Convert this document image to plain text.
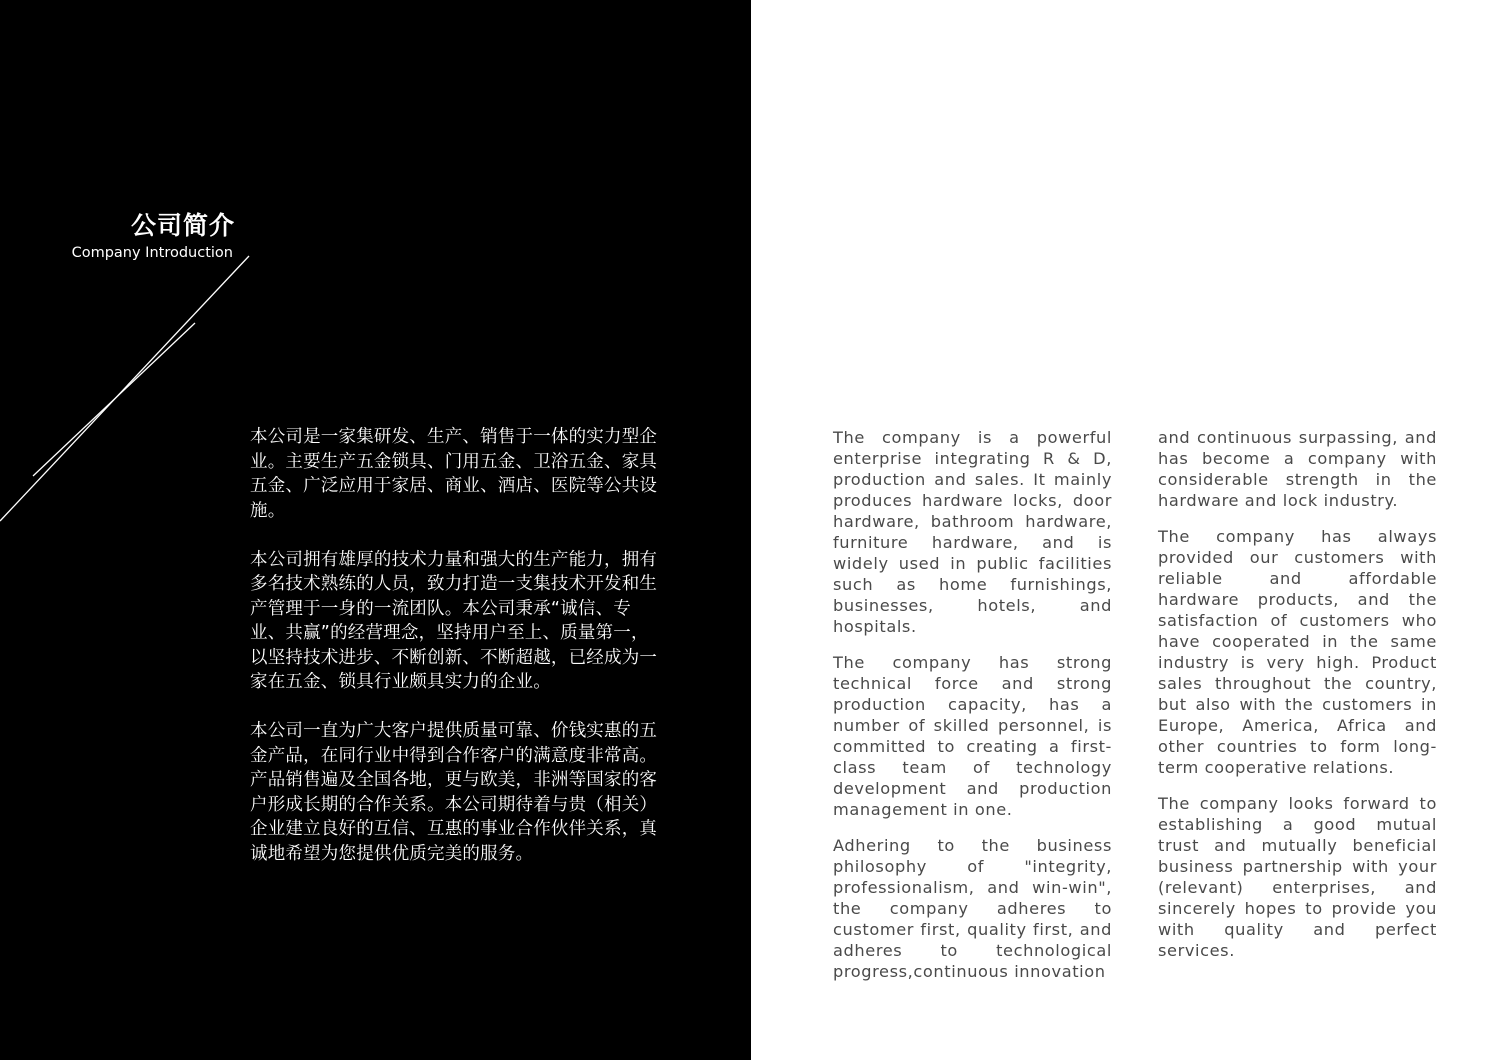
公司简介
Company Introduction

本公司是一家集研发、生产、销售于一体的实力型企业。主要生产五金锁具、门用五金、卫浴五金、家具五金、广泛应用于家居、商业、酒店、医院等公共设施。

本公司拥有雄厚的技术力量和强大的生产能力，拥有多名技术熟练的人员，致力打造一支集技术开发和生产管理于一身的一流团队。本公司秉承“诚信、专业、共赢”的经营理念，坚持用户至上、质量第一，以坚持技术进步、不断创新、不断超越，已经成为一家在五金、锁具行业颇具实力的企业。

本公司一直为广大客户提供质量可靠、价钱实惠的五金产品，在同行业中得到合作客户的满意度非常高。产品销售遍及全国各地，更与欧美，非洲等国家的客户形成长期的合作关系。本公司期待着与贵（相关）企业建立良好的互信、互惠的事业合作伙伴关系，真诚地希望为您提供优质完美的服务。

The company is a powerful enterprise integrating R & D, production and sales. It mainly produces hardware locks, door hardware, bathroom hardware, furniture hardware, and is widely used in public facilities such as home furnishings, businesses, hotels, and hospitals.

The company has strong technical force and strong production capacity, has a number of skilled personnel, is committed to creating a first-class team of technology development and production management in one.

Adhering to the business philosophy of "integrity, professionalism, and win-win", the company adheres to customer first, quality first, and adheres to technological progress,continuous innovation

and continuous surpassing, and has become a company with considerable strength in the hardware and lock industry.

The company has always provided our customers with reliable and affordable hardware products, and the satisfaction of customers who have cooperated in the same industry is very high. Product sales throughout the country, but also with the customers in Europe, America, Africa and other countries to form long-term cooperative relations.

The company looks forward to establishing a good mutual trust and mutually beneficial business partnership with your (relevant) enterprises, and sincerely hopes to provide you with quality and perfect services.
